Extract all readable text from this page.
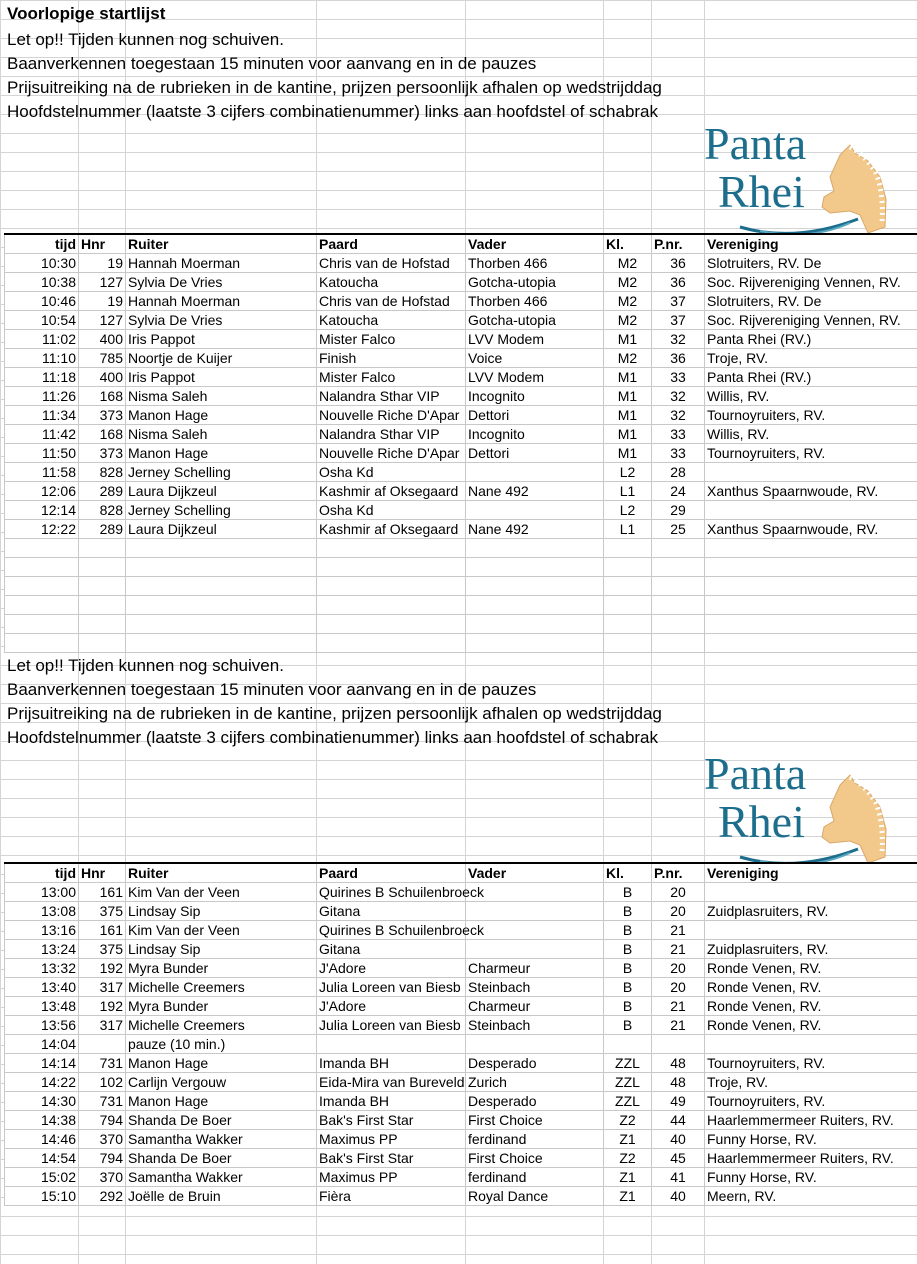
Voorlopige startlijst
Let op!! Tijden kunnen nog schuiven.
Baanverkennen toegestaan 15 minuten voor aanvang en in de pauzes
Prijsuitreiking na de rubrieken in de kantine, prijzen persoonlijk afhalen op wedstrijddag
Hoofdstelnummer (laatste 3 cijfers combinatienummer) links aan hoofdstel of schabrak
Panta
Rhei
tijd	Hnr	Ruiter	Paard	Vader	Kl.	P.nr.	Vereniging
10:30	19	Hannah Moerman	Chris van de Hofstad	Thorben 466	M2	36	Slotruiters, RV. De
10:38	127	Sylvia De Vries	Katoucha	Gotcha-utopia	M2	36	Soc. Rijvereniging Vennen, RV.
10:46	19	Hannah Moerman	Chris van de Hofstad	Thorben 466	M2	37	Slotruiters, RV. De
10:54	127	Sylvia De Vries	Katoucha	Gotcha-utopia	M2	37	Soc. Rijvereniging Vennen, RV.
11:02	400	Iris Pappot	Mister Falco	LVV Modem	M1	32	Panta Rhei (RV.)
11:10	785	Noortje de Kuijer	Finish	Voice	M2	36	Troje, RV.
11:18	400	Iris Pappot	Mister Falco	LVV Modem	M1	33	Panta Rhei (RV.)
11:26	168	Nisma Saleh	Nalandra Sthar VIP	Incognito	M1	32	Willis, RV.
11:34	373	Manon Hage	Nouvelle Riche D'Apar	Dettori	M1	32	Tournoyruiters, RV.
11:42	168	Nisma Saleh	Nalandra Sthar VIP	Incognito	M1	33	Willis, RV.
11:50	373	Manon Hage	Nouvelle Riche D'Apar	Dettori	M1	33	Tournoyruiters, RV.
11:58	828	Jerney Schelling	Osha Kd		L2	28	
12:06	289	Laura Dijkzeul	Kashmir af Oksegaard	Nane 492	L1	24	Xanthus Spaarnwoude, RV.
12:14	828	Jerney Schelling	Osha Kd		L2	29	
12:22	289	Laura Dijkzeul	Kashmir af Oksegaard	Nane 492	L1	25	Xanthus Spaarnwoude, RV.

Let op!! Tijden kunnen nog schuiven.
Baanverkennen toegestaan 15 minuten voor aanvang en in de pauzes
Prijsuitreiking na de rubrieken in de kantine, prijzen persoonlijk afhalen op wedstrijddag
Hoofdstelnummer (laatste 3 cijfers combinatienummer) links aan hoofdstel of schabrak
Panta
Rhei
tijd	Hnr	Ruiter	Paard	Vader	Kl.	P.nr.	Vereniging
13:00	161	Kim Van der Veen	Quirines B Schuilenbroeck		B	20	
13:08	375	Lindsay Sip	Gitana		B	20	Zuidplasruiters, RV.
13:16	161	Kim Van der Veen	Quirines B Schuilenbroeck		B	21	
13:24	375	Lindsay Sip	Gitana		B	21	Zuidplasruiters, RV.
13:32	192	Myra Bunder	J'Adore	Charmeur	B	20	Ronde Venen, RV.
13:40	317	Michelle Creemers	Julia Loreen van Biesb	Steinbach	B	20	Ronde Venen, RV.
13:48	192	Myra Bunder	J'Adore	Charmeur	B	21	Ronde Venen, RV.
13:56	317	Michelle Creemers	Julia Loreen van Biesb	Steinbach	B	21	Ronde Venen, RV.
14:04		pauze (10 min.)					
14:14	731	Manon Hage	Imanda BH	Desperado	ZZL	48	Tournoyruiters, RV.
14:22	102	Carlijn Vergouw	Eida-Mira van Bureveld	Zurich	ZZL	48	Troje, RV.
14:30	731	Manon Hage	Imanda BH	Desperado	ZZL	49	Tournoyruiters, RV.
14:38	794	Shanda De Boer	Bak's First Star	First Choice	Z2	44	Haarlemmermeer Ruiters, RV.
14:46	370	Samantha Wakker	Maximus PP	ferdinand	Z1	40	Funny Horse, RV.
14:54	794	Shanda De Boer	Bak's First Star	First Choice	Z2	45	Haarlemmermeer Ruiters, RV.
15:02	370	Samantha Wakker	Maximus PP	ferdinand	Z1	41	Funny Horse, RV.
15:10	292	Joëlle de Bruin	Fièra	Royal Dance	Z1	40	Meern, RV.
